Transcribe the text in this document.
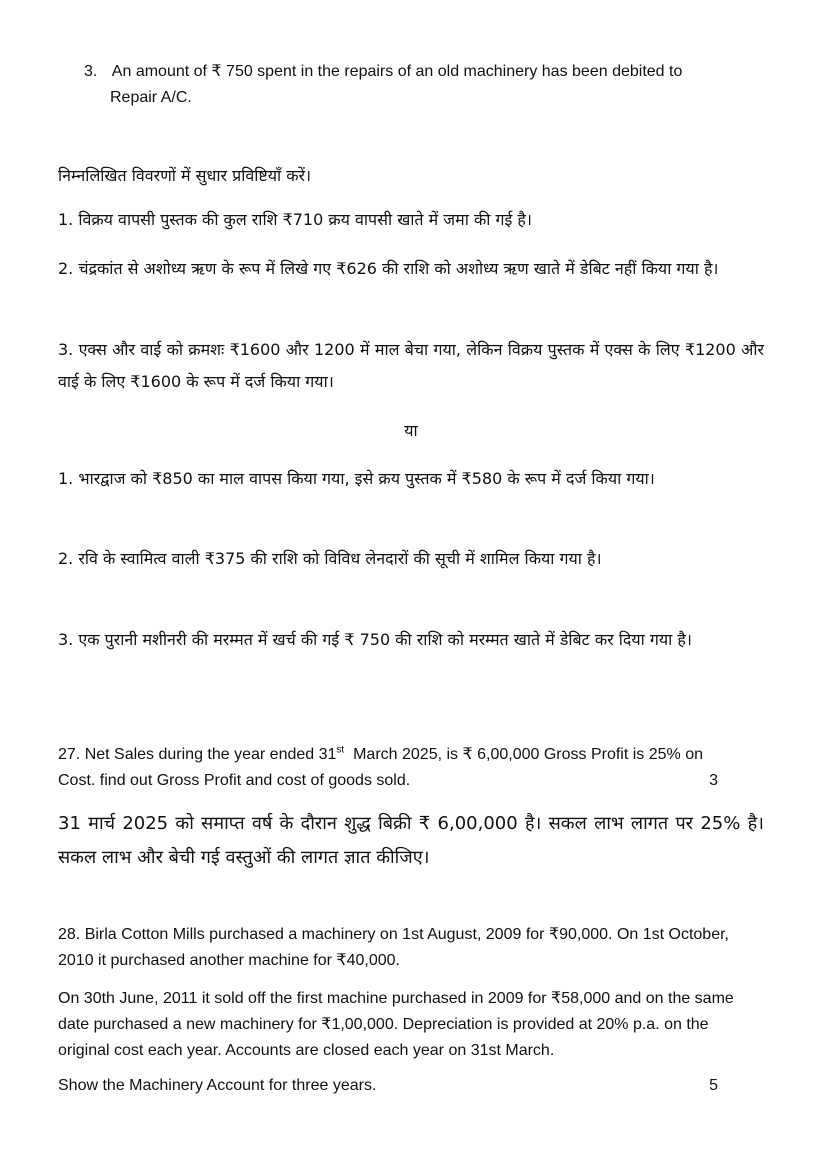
3. An amount of ₹ 750 spent in the repairs of an old machinery has been debited to
Repair A/C.
निम्नलिखित विवरणों में सुधार प्रविष्टियाँ करें।
1. विक्रय वापसी पुस्तक की कुल राशि ₹710 क्रय वापसी खाते में जमा की गई है।
2. चंद्रकांत से अशोध्य ऋण के रूप में लिखे गए ₹626 की राशि को अशोध्य ऋण खाते में डेबिट नहीं किया गया है।
3. एक्स और वाई को क्रमशः ₹1600 और 1200 में माल बेचा गया, लेकिन विक्रय पुस्तक में एक्स के लिए ₹1200 और वाई के लिए ₹1600 के रूप में दर्ज किया गया।
या
1. भारद्वाज को ₹850 का माल वापस किया गया, इसे क्रय पुस्तक में ₹580 के रूप में दर्ज किया गया।
2. रवि के स्वामित्व वाली ₹375 की राशि को विविध लेनदारों की सूची में शामिल किया गया है।
3. एक पुरानी मशीनरी की मरम्मत में खर्च की गई ₹ 750 की राशि को मरम्मत खाते में डेबिट कर दिया गया है।
27. Net Sales during the year ended 31st  March 2025, is ₹ 6,00,000 Gross Profit is 25% on
Cost. find out Gross Profit and cost of goods sold.	3
31 मार्च 2025 को समाप्त वर्ष के दौरान शुद्ध बिक्री ₹ 6,00,000 है। सकल लाभ लागत पर 25% है। सकल लाभ और बेची गई वस्तुओं की लागत ज्ञात कीजिए।
28. Birla Cotton Mills purchased a machinery on 1st August, 2009 for ₹90,000. On 1st October, 2010 it purchased another machine for ₹40,000.
On 30th June, 2011 it sold off the first machine purchased in 2009 for ₹58,000 and on the same date purchased a new machinery for ₹1,00,000. Depreciation is provided at 20% p.a. on the original cost each year. Accounts are closed each year on 31st March.
Show the Machinery Account for three years.	5
